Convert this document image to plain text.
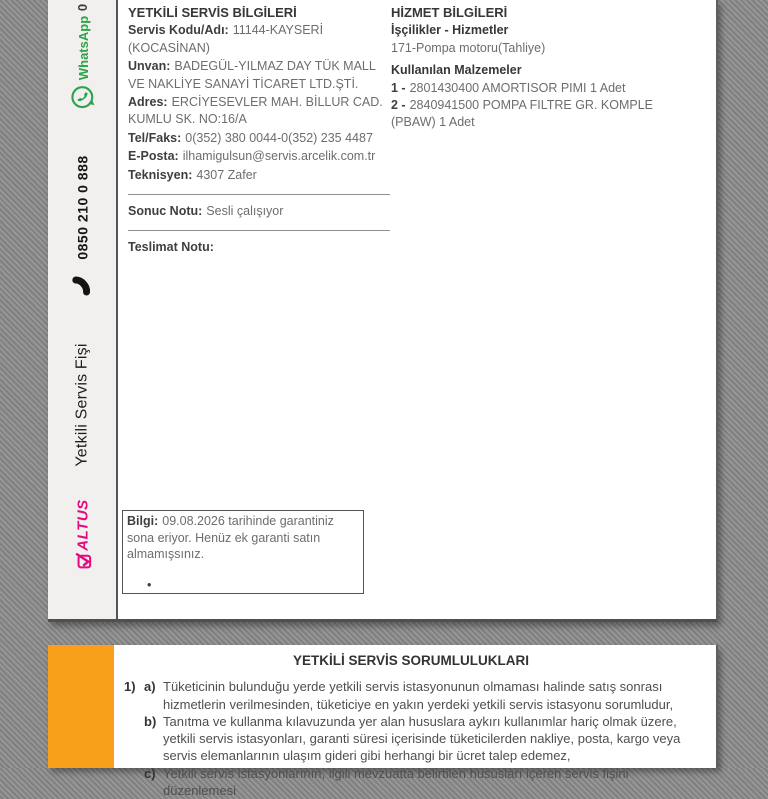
0
WhatsApp
0850 210 0 888
Yetkili Servis Fişi
ALTUS
YETKİLİ SERVİS BİLGİLERİ

Servis Kodu/Adı: 11144-KAYSERİ (KOCASİNAN)

Unvan: BADEGÜL-YILMAZ DAY TÜK MALL VE NAKLİYE SANAYİ TİCARET LTD.ŞTİ.

Adres: ERCİYESEVLER MAH. BİLLUR CAD. KUMLU SK. NO:16/A

Tel/Faks: 0(352) 380 0044-0(352) 235 4487

E-Posta: ilhamigulsun@servis.arcelik.com.tr

Teknisyen: 4307 Zafer

Sonuc Notu: Sesli çalışıyor

Teslimat Notu:

HİZMET BİLGİLERİ
İşçilikler - Hizmetler

171-Pompa motoru(Tahliye)

Kullanılan Malzemeler

1 - 2801430400 AMORTISOR PIMI 1 Adet

2 - 2840941500 POMPA FILTRE GR. KOMPLE (PBAW) 1 Adet

Bilgi: 09.08.2026 tarihinde garantiniz sona eriyor. Henüz ek garanti satın almamışsınız.
•
YETKİLİ SERVİS SORUMLULUKLARI
1) a) Tüketicinin bulunduğu yerde yetkili servis istasyonunun olmaması halinde satış sonrası hizmetlerin verilmesinden, tüketiciye en yakın yerdeki yetkili servis istasyonu sorumludur,
b) Tanıtma ve kullanma kılavuzunda yer alan hususlara aykırı kullanımlar hariç olmak üzere, yetkili servis istasyonları, garanti süresi içerisinde tüketicilerden nakliye, posta, kargo veya servis elemanlarının ulaşım gideri gibi herhangi bir ücret talep edemez,
c) Yetkili servis istasyonlarının, ilgili mevzuatta belirtilen hususları içeren servis fişini düzenlemesi
